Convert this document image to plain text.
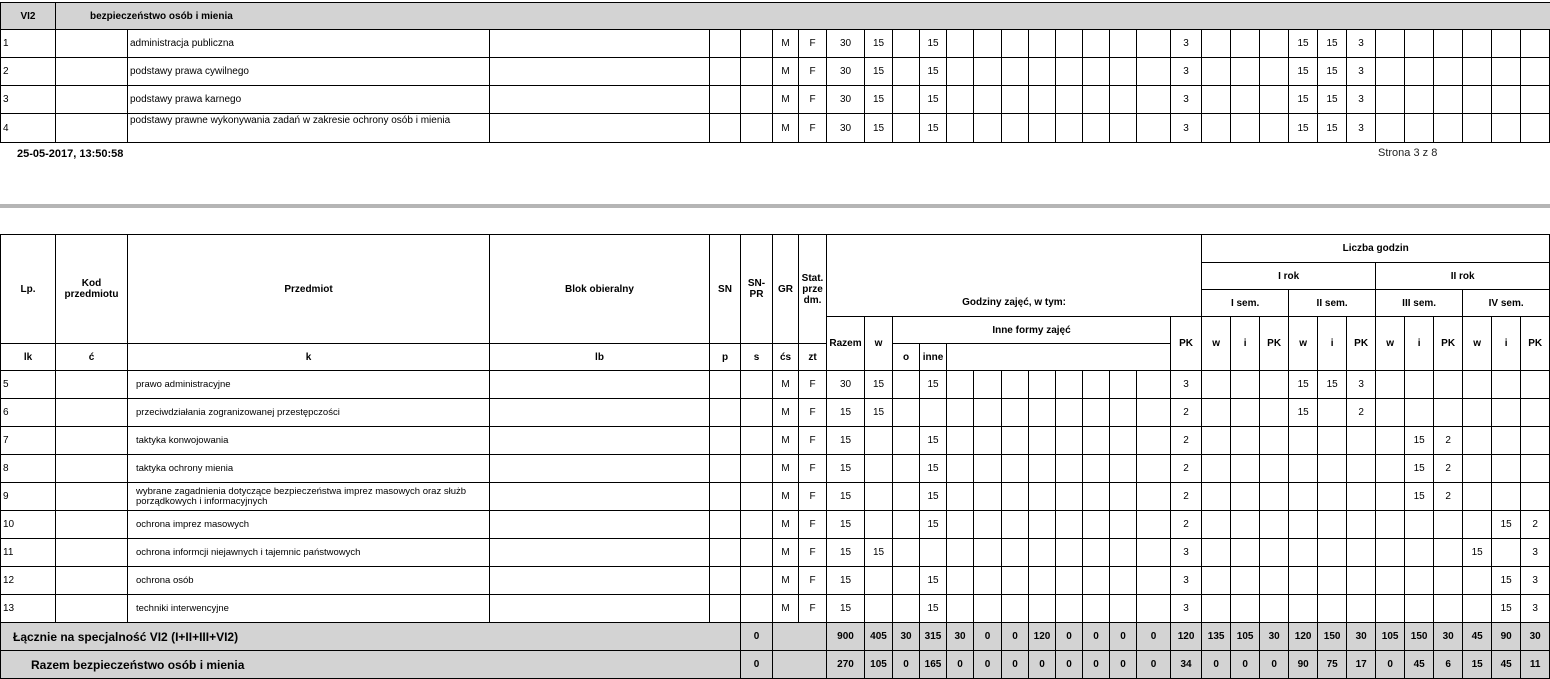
VI2	bezpieczeństwo osób i mienia																															
1		administracja publiczna				M	F	30	15		15									3				15	15	3						
2		podstawy prawa cywilnego				M	F	30	15		15									3				15	15	3						
3		podstawy prawa karnego				M	F	30	15		15									3				15	15	3						
4		podstawy prawne wykonywania zadań w zakresie ochrony osób i mienia				M	F	30	15		15									3				15	15	3						
25-05-2017, 13:50:58	Strona 3 z 8
Lp.	Kod przedmiotu	Przedmiot	Blok obieralny	SN	SN-PR	GR	Stat. prze dm.														Liczba godzin											
																					I rok						II rok					

								Godziny zajęć, w tym:													I sem.			II sem.			III sem.			IV sem.		
								Razem	w	Inne formy zajęć										PK	w	i	PK	w	i	PK	w	i	PK	w	i	PK
lk	ć	k	lb	p	s	ćs	zt			o	inne																					
5		prawo administracyjne				M	F	30	15		15									3				15	15	3						
6		przeciwdziałania zogranizowanej przestępczości				M	F	15	15											2				15		2						
7		taktyka konwojowania				M	F	15			15									2								15	2			
8		taktyka ochrony mienia				M	F	15			15									2								15	2			
9		wybrane zagadnienia dotyczące bezpieczeństwa imprez masowych oraz służb porządkowych i informacyjnych				M	F	15			15									2								15	2			
10		ochrona imprez masowych				M	F	15			15									2											15	2
11		ochrona informcji niejawnych i tajemnic państwowych				M	F	15	15											3										15		3
12		ochrona osób				M	F	15			15									3											15	3
13		techniki interwencyjne				M	F	15			15									3											15	3
Łącznie na specjalność VI2 (I+II+III+VI2)					0			900	405	30	315	30	0	0	120	0	0	0	0	120	135	105	30	120	150	30	105	150	30	45	90	30
Razem bezpieczeństwo osób i mienia					0			270	105	0	165	0	0	0	0	0	0	0	0	34	0	0	0	90	75	17	0	45	6	15	45	11
